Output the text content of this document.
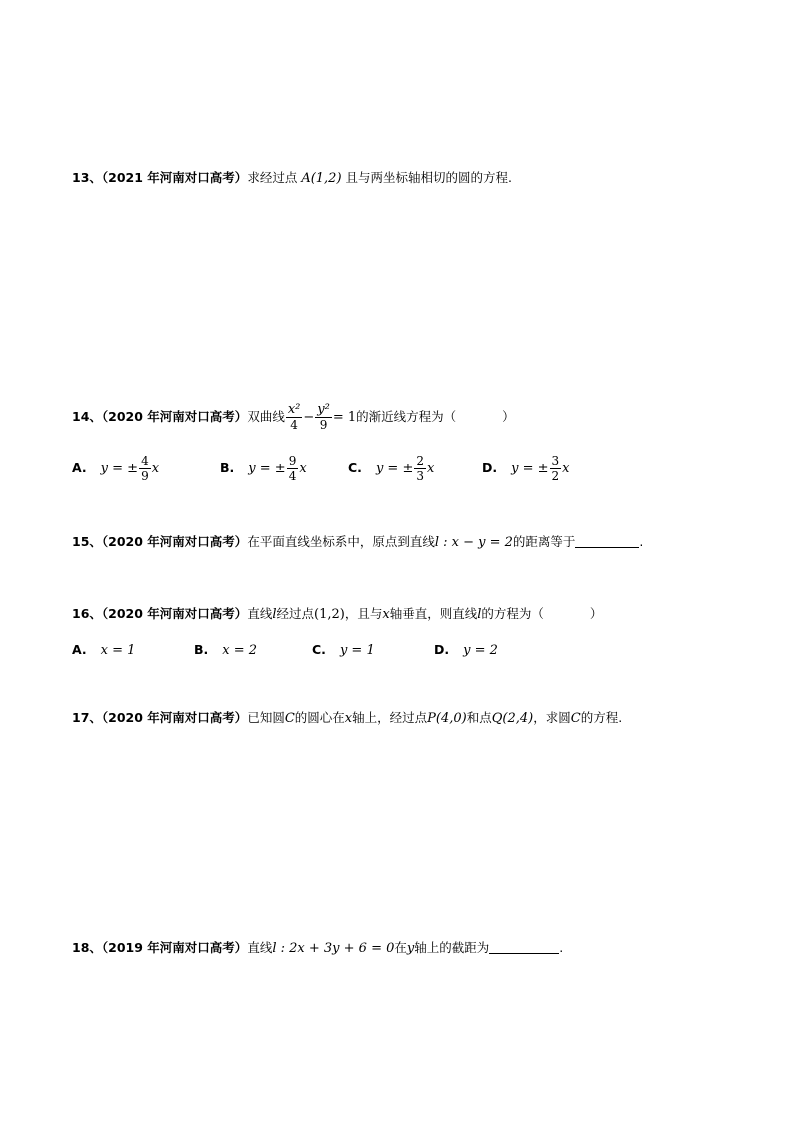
13、（2021 年河南对口高考）求经过点 A(1,2) 且与两坐标轴相切的圆的方程.
14、（2020 年河南对口高考）双曲线 $\frac{\text{x²}}{4} - \frac{\text{y²}}{9} = 1$的渐近线方程为（	）
A. y = ± $\frac{4}{9}$ x	B. y = ± $\frac{9}{4}$ x	C. y = ± $\frac{2}{3}$ x	D. y = ± $\frac{3}{2}$ x
15、（2020 年河南对口高考）在平面直线坐标系中，原点到直线l : x − y = 2的距离等于	.
16、（2020 年河南对口高考）直线l经过点(1,2)，且与x轴垂直，则直线l的方程为（	）
A. x = 1	B. x = 2	C. y = 1	D. y = 2
17、（2020 年河南对口高考）已知圆C的圆心在x轴上，经过点P(4,0)和点Q(2,4)，求圆C的方程.
18、（2019 年河南对口高考）直线l : 2x + 3y + 6 = 0在y轴上的截距为	.
